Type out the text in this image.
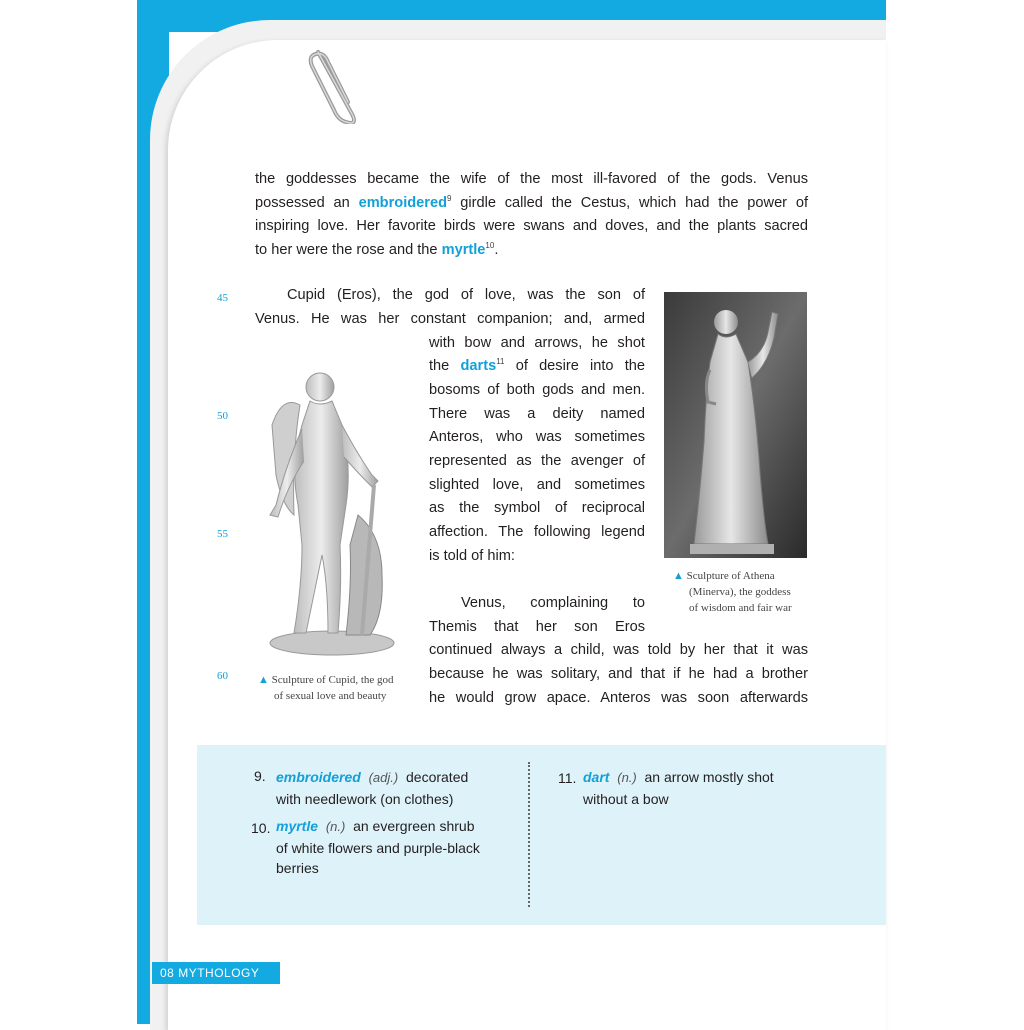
the goddesses became the wife of the most ill-favored of the gods. Venus

possessed an embroidered$^9$ girdle called the Cestus, which had the power of

inspiring love. Her favorite birds were swans and doves, and the plants sacred

to her were the rose and the myrtle$^{10}$.

45
50
55
60
Cupid (Eros), the god of love, was the son of
Venus. He was her constant companion; and, armed
with bow and arrows, he shot
the darts$^{11}$ of desire into the
bosoms of both gods and men.
There was a deity named
Anteros, who was sometimes
represented as the avenger of
slighted love, and sometimes
as the symbol of reciprocal
affection. The following legend
is told of him:
Venus, complaining to
Themis that her son Eros
continued always a child, was told by her that it was
because he was solitary, and that if he had a brother
he would grow apace. Anteros was soon afterwards
▲ Sculpture of Cupid, the god
of sexual love and beauty
▲ Sculpture of Athena
(Minerva), the goddess
of wisdom and fair war
9. embroidered (adj.) decorated
with needlework (on clothes)
10. myrtle (n.) an evergreen shrub
of white flowers and purple-black
berries
11. dart (n.) an arrow mostly shot
without a bow
08 MYTHOLOGY
